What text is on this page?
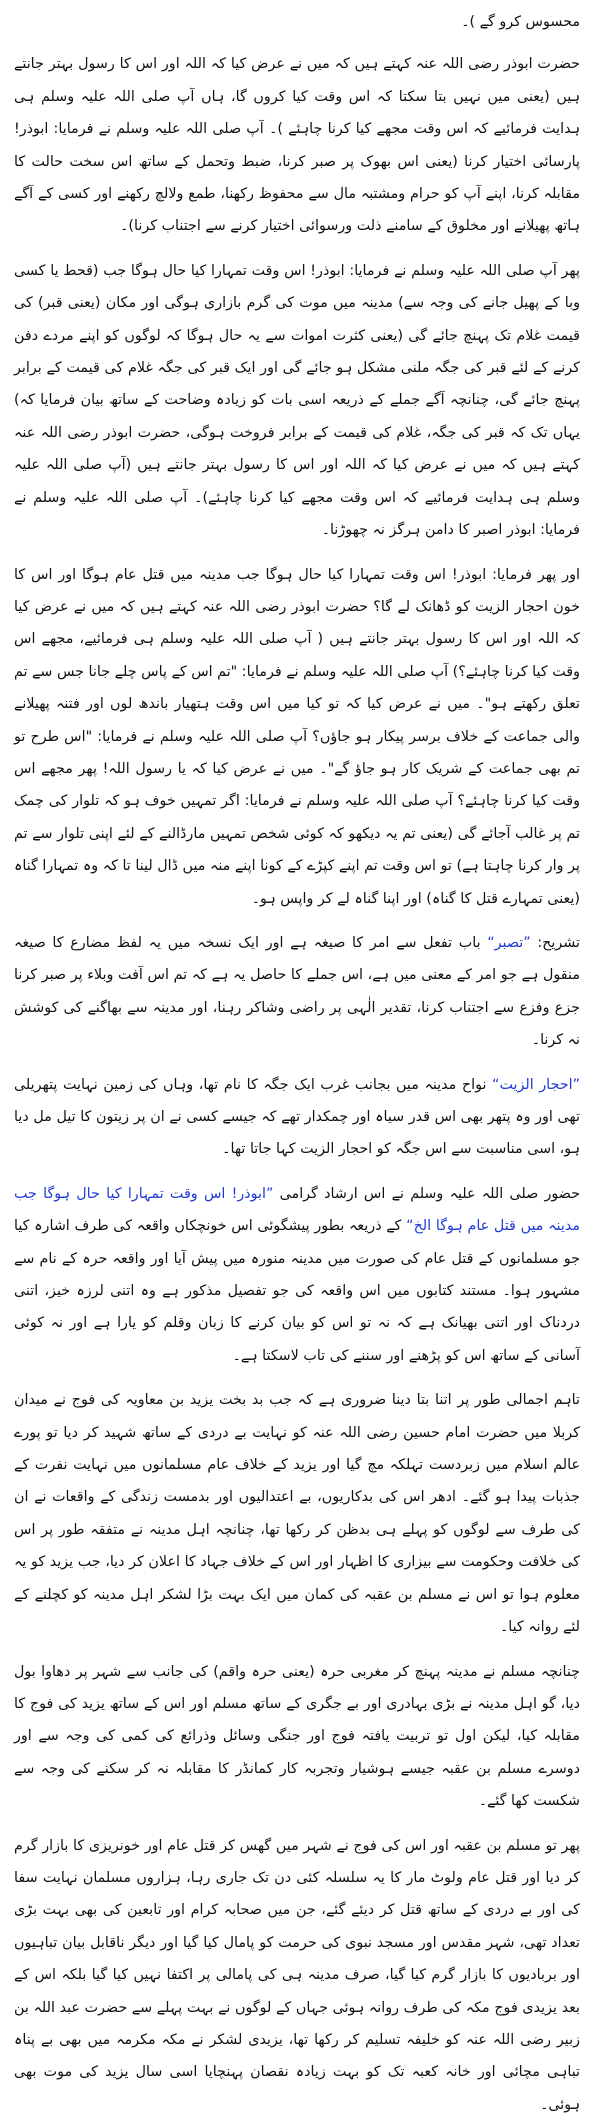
محسوس کرو گے )۔

حضرت ابوذر رضی اللہ عنہ کہتے ہیں کہ میں نے عرض کیا کہ اللہ اور اس کا رسول بہتر جانتے ہیں (یعنی میں نہیں بتا سکتا کہ اس وقت کیا کروں گا، ہاں آپ صلی اللہ علیہ وسلم ہی ہدایت فرمائیے کہ اس وقت مجھے کیا کرنا چاہئے )۔ آپ صلی اللہ علیہ وسلم نے فرمایا: ابوذر! پارسائی اختیار کرنا (یعنی اس بھوک پر صبر کرنا، ضبط وتحمل کے ساتھ اس سخت حالت کا مقابلہ کرنا، اپنے آپ کو حرام ومشتبہ مال سے محفوظ رکھنا، طمع ولالچ رکھنے اور کسی کے آگے ہاتھ پھیلانے اور مخلوق کے سامنے ذلت ورسوائی اختیار کرنے سے اجتناب کرنا)۔

پھر آپ صلی اللہ علیہ وسلم نے فرمایا: ابوذر! اس وقت تمہارا کیا حال ہوگا جب (قحط یا کسی وبا کے پھیل جانے کی وجہ سے) مدینہ میں موت کی گرم بازاری ہوگی اور مکان (یعنی قبر) کی قیمت غلام تک پہنچ جائے گی (یعنی کثرت اموات سے یہ حال ہوگا کہ لوگوں کو اپنے مردے دفن کرنے کے لئے قبر کی جگہ ملنی مشکل ہو جائے گی اور ایک قبر کی جگہ غلام کی قیمت کے برابر پہنچ جائے گی، چنانچہ آگے جملے کے ذریعہ اسی بات کو زیادہ وضاحت کے ساتھ بیان فرمایا کہ) یہاں تک کہ قبر کی جگہ، غلام کی قیمت کے برابر فروخت ہوگی، حضرت ابوذر رضی اللہ عنہ کہتے ہیں کہ میں نے عرض کیا کہ اللہ اور اس کا رسول بہتر جانتے ہیں (آپ صلی اللہ علیہ وسلم ہی ہدایت فرمائیے کہ اس وقت مجھے کیا کرنا چاہئے)۔ آپ صلی اللہ علیہ وسلم نے فرمایا: ابوذر اصبر کا دامن ہرگز نہ چھوڑنا۔

اور پھر فرمایا: ابوذر! اس وقت تمہارا کیا حال ہوگا جب مدینہ میں قتل عام ہوگا اور اس کا خون احجار الزیت کو ڈھانک لے گا؟ حضرت ابوذر رضی اللہ عنہ کہتے ہیں کہ میں نے عرض کیا کہ اللہ اور اس کا رسول بہتر جانتے ہیں ( آپ صلی اللہ علیہ وسلم ہی فرمائیے، مجھے اس وقت کیا کرنا چاہئے؟) آپ صلی اللہ علیہ وسلم نے فرمایا: "تم اس کے پاس چلے جانا جس سے تم تعلق رکھتے ہو"۔ میں نے عرض کیا کہ تو کیا میں اس وقت ہتھیار باندھ لوں اور فتنہ پھیلانے والی جماعت کے خلاف برسر پیکار ہو جاؤں؟ آپ صلی اللہ علیہ وسلم نے فرمایا: "اس طرح تو تم بھی جماعت کے شریک کار ہو جاؤ گے"۔ میں نے عرض کیا کہ یا رسول اللہ! پھر مجھے اس وقت کیا کرنا چاہئے؟ آپ صلی اللہ علیہ وسلم نے فرمایا: اگر تمہیں خوف ہو کہ تلوار کی چمک تم پر غالب آجائے گی (یعنی تم یہ دیکھو کہ کوئی شخص تمہیں مارڈالنے کے لئے اپنی تلوار سے تم پر وار کرنا چاہتا ہے) تو اس وقت تم اپنے کپڑے کے کونا اپنے منہ میں ڈال لینا تا کہ وہ تمہارا گناہ (یعنی تمہارے قتل کا گناہ) اور اپنا گناہ لے کر واپس ہو۔

تشریح: ”تصبر“ باب تفعل سے امر کا صیغہ ہے اور ایک نسخہ میں یہ لفظ مضارع کا صیغہ منقول ہے جو امر کے معنی میں ہے، اس جملے کا حاصل یہ ہے کہ تم اس آفت وبلاء پر صبر کرنا جزع وفزع سے اجتناب کرنا، تقدیر الٰہی پر راضی وشاکر رہنا، اور مدینہ سے بھاگنے کی کوشش نہ کرنا۔

”احجار الزیت“ نواح مدینہ میں بجانب غرب ایک جگہ کا نام تھا، وہاں کی زمین نہایت پتھریلی تھی اور وہ پتھر بھی اس قدر سیاہ اور چمکدار تھے کہ جیسے کسی نے ان پر زیتون کا تیل مل دیا ہو، اسی مناسبت سے اس جگہ کو احجار الزیت کہا جاتا تھا۔

حضور صلی اللہ علیہ وسلم نے اس ارشاد گرامی ”ابوذر! اس وقت تمہارا کیا حال ہوگا جب مدینہ میں قتل عام ہوگا الخ“ کے ذریعہ بطور پیشگوئی اس خونچکاں واقعہ کی طرف اشارہ کیا جو مسلمانوں کے قتل عام کی صورت میں مدینہ منورہ میں پیش آیا اور واقعہ حرہ کے نام سے مشہور ہوا۔ مستند کتابوں میں اس واقعہ کی جو تفصیل مذکور ہے وہ اتنی لرزہ خیز، اتنی دردناک اور اتنی بھیانک ہے کہ نہ تو اس کو بیان کرنے کا زبان وقلم کو یارا ہے اور نہ کوئی آسانی کے ساتھ اس کو پڑھنے اور سننے کی تاب لاسکتا ہے۔

تاہم اجمالی طور پر اتنا بتا دینا ضروری ہے کہ جب بد بخت یزید بن معاویہ کی فوج نے میدان کربلا میں حضرت امام حسین رضی اللہ عنہ کو نہایت بے دردی کے ساتھ شہید کر دیا تو پورے عالم اسلام میں زبردست تہلکہ مچ گیا اور یزید کے خلاف عام مسلمانوں میں نہایت نفرت کے جذبات پیدا ہو گئے۔ ادھر اس کی بدکاریوں، بے اعتدالیوں اور بدمست زندگی کے واقعات نے ان کی طرف سے لوگوں کو پہلے ہی بدظن کر رکھا تھا، چنانچہ اہل مدینہ نے متفقہ طور پر اس کی خلافت وحکومت سے بیزاری کا اظہار اور اس کے خلاف جہاد کا اعلان کر دیا، جب یزید کو یہ معلوم ہوا تو اس نے مسلم بن عقبہ کی کمان میں ایک بہت بڑا لشکر اہل مدینہ کو کچلنے کے لئے روانہ کیا۔

چنانچہ مسلم نے مدینہ پہنچ کر مغربی حرہ (یعنی حرہ واقم) کی جانب سے شہر پر دھاوا بول دیا، گو اہل مدینہ نے بڑی بہادری اور بے جگری کے ساتھ مسلم اور اس کے ساتھ یزید کی فوج کا مقابلہ کیا، لیکن اول تو تربیت یافتہ فوج اور جنگی وسائل وذرائع کی کمی کی وجہ سے اور دوسرے مسلم بن عقبہ جیسے ہوشیار وتجربہ کار کمانڈر کا مقابلہ نہ کر سکنے کی وجہ سے شکست کھا گئے۔

پھر تو مسلم بن عقبہ اور اس کی فوج نے شہر میں گھس کر قتل عام اور خونریزی کا بازار گرم کر دیا اور قتل عام ولوٹ مار کا یہ سلسلہ کئی دن تک جاری رہا، ہزاروں مسلمان نہایت سفا کی اور بے دردی کے ساتھ قتل کر دیئے گئے، جن میں صحابہ کرام اور تابعین کی بھی بہت بڑی تعداد تھی، شہر مقدس اور مسجد نبوی کی حرمت کو پامال کیا گیا اور دیگر ناقابل بیان تباہیوں اور بربادیوں کا بازار گرم کیا گیا، صرف مدینہ ہی کی پامالی پر اکتفا نہیں کیا گیا بلکہ اس کے بعد یزیدی فوج مکہ کی طرف روانہ ہوئی جہاں کے لوگوں نے بہت پہلے سے حضرت عبد اللہ بن زبیر رضی اللہ عنہ کو خلیفہ تسلیم کر رکھا تھا، یزیدی لشکر نے مکہ مکرمہ میں بھی بے پناہ تباہی مچائی اور خانہ کعبہ تک کو بہت زیادہ نقصان پہنچایا اسی سال یزید کی موت بھی ہوئی۔
